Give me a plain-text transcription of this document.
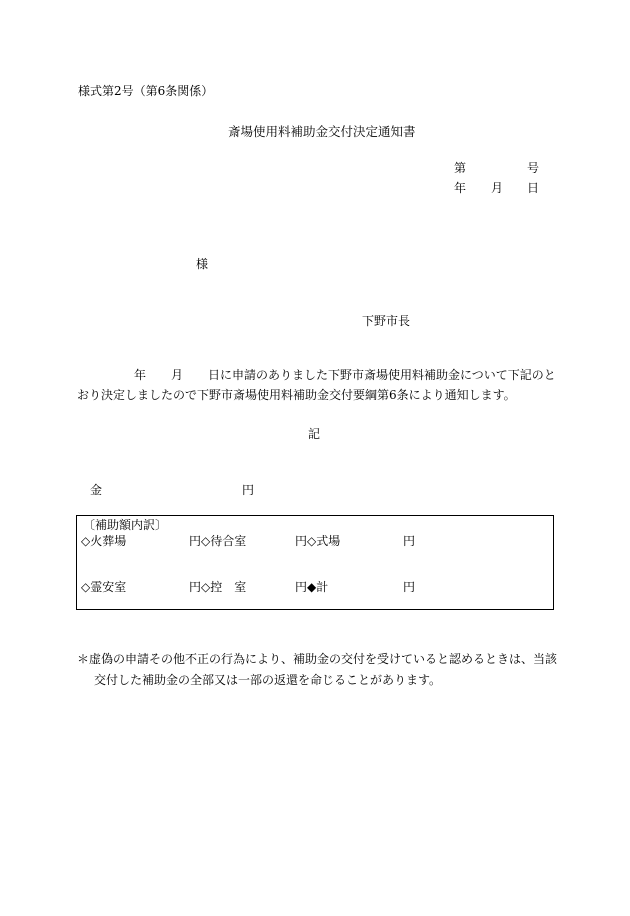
様式第2号（第6条関係）
斎場使用料補助金交付決定通知書
第	号
年 月 日
様
下野市長
年 月 日に申請のありました下野市斎場使用料補助金について下記のと
おり決定しましたので下野市斎場使用料補助金交付要綱第6条により通知します。
記
金	円
〔補助額内訳〕
◇火葬場	円 ◇待合室	円 ◇式場	円
◇霊安室	円 ◇控　室	円 ◆計	円
＊虚偽の申請その他不正の行為により、補助金の交付を受けていると認めるときは、当該
交付した補助金の全部又は一部の返還を命じることがあります。
